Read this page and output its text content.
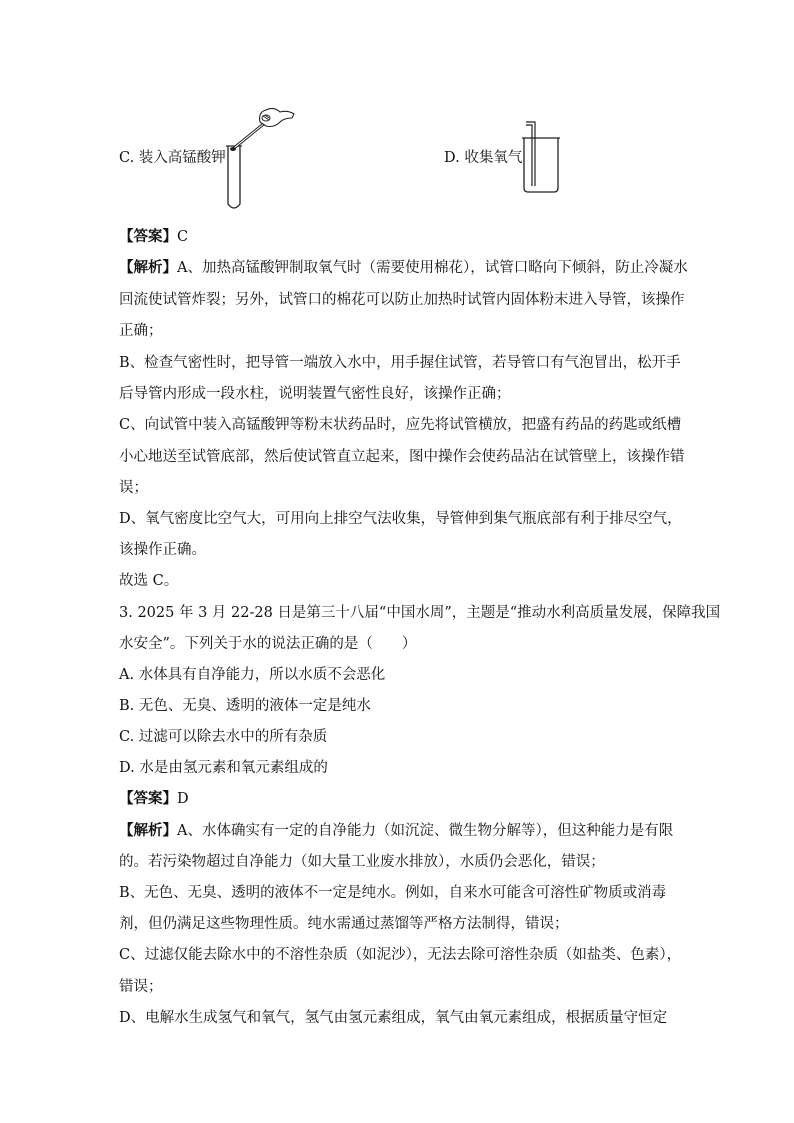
C. 装入高锰酸钾	D. 收集氧气
【答案】C
【解析】A、加热高锰酸钾制取氧气时（需要使用棉花），试管口略向下倾斜，防止冷凝水
回流使试管炸裂；另外，试管口的棉花可以防止加热时试管内固体粉末进入导管，该操作
正确；
B、检查气密性时，把导管一端放入水中，用手握住试管，若导管口有气泡冒出，松开手
后导管内形成一段水柱，说明装置气密性良好，该操作正确；
C、向试管中装入高锰酸钾等粉末状药品时，应先将试管横放，把盛有药品的药匙或纸槽
小心地送至试管底部，然后使试管直立起来，图中操作会使药品沾在试管壁上，该操作错
误；
D、氧气密度比空气大，可用向上排空气法收集，导管伸到集气瓶底部有利于排尽空气，
该操作正确。
故选 C。
3. 2025 年 3 月 22-28 日是第三十八届“中国水周”，主题是“推动水利高质量发展，保障我国
水安全”。下列关于水的说法正确的是（　　）
A. 水体具有自净能力，所以水质不会恶化
B. 无色、无臭、透明的液体一定是纯水
C. 过滤可以除去水中的所有杂质
D. 水是由氢元素和氧元素组成的
【答案】D
【解析】A、水体确实有一定的自净能力（如沉淀、微生物分解等），但这种能力是有限
的。若污染物超过自净能力（如大量工业废水排放），水质仍会恶化，错误；
B、无色、无臭、透明的液体不一定是纯水。例如，自来水可能含可溶性矿物质或消毒
剂，但仍满足这些物理性质。纯水需通过蒸馏等严格方法制得，错误；
C、过滤仅能去除水中的不溶性杂质（如泥沙），无法去除可溶性杂质（如盐类、色素），
错误；
D、电解水生成氢气和氧气，氢气由氢元素组成，氧气由氧元素组成，根据质量守恒定
